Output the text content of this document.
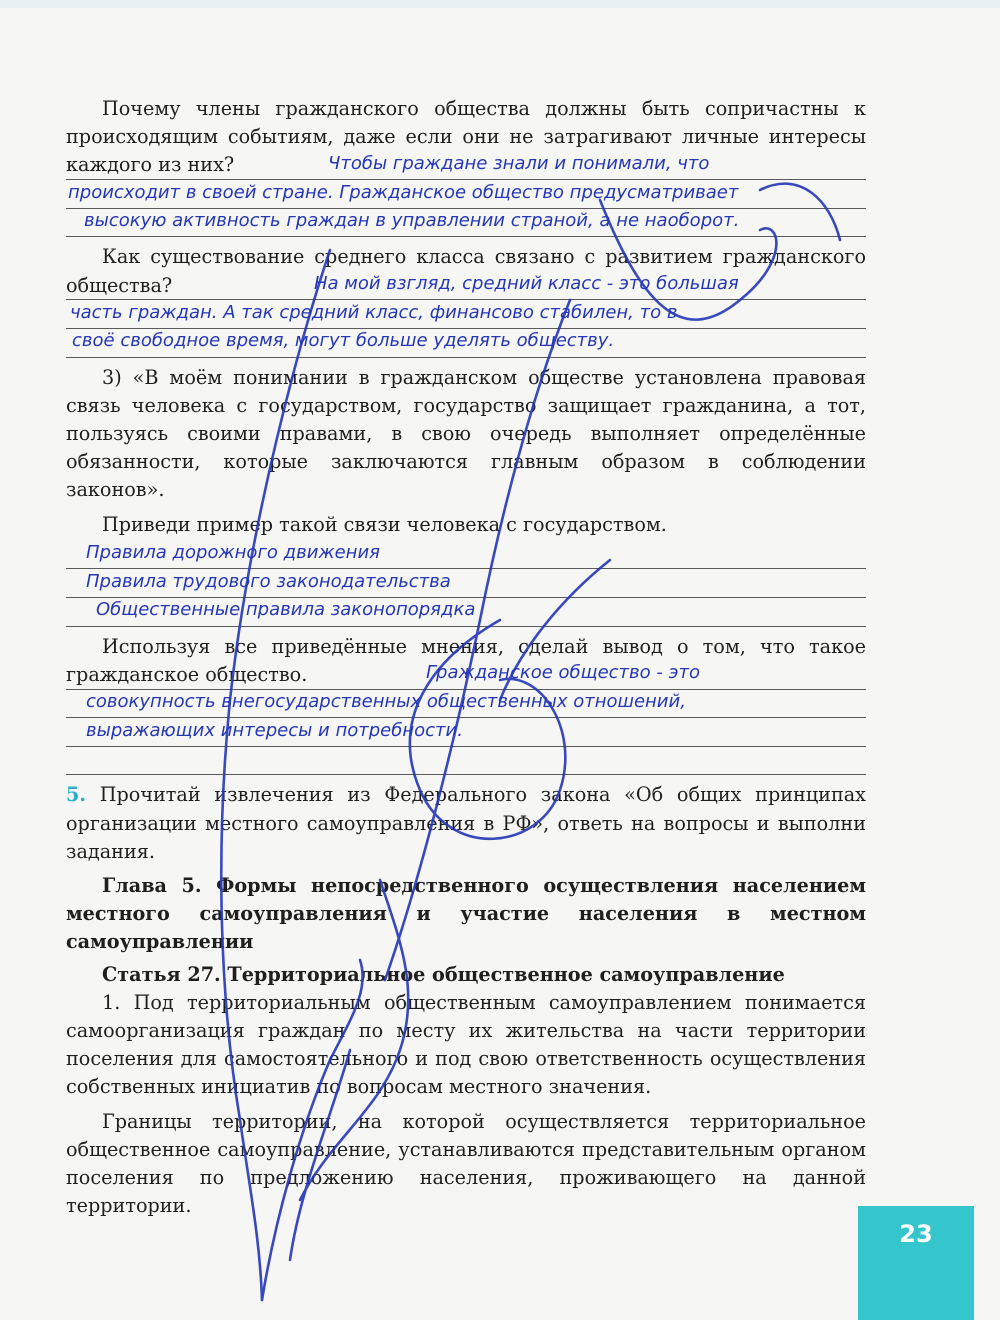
Почему члены гражданского общества должны быть сопричастны к происходящим событиям, даже если они не затрагивают личные интересы каждого из них?	Чтобы граждане знали и понимали, что
происходит в своей стране. Гражданское общество предусматривает
высокую активность граждан в управлении страной, а не наоборот.

Как существование среднего класса связано с развитием гражданского общества?	На мой взгляд, средний класс - это большая
часть граждан. А так средний класс, финансово стабилен, то в
своё свободное время, могут больше уделять обществу.

3) «В моём понимании в гражданском обществе установлена правовая связь человека с государством, государство защищает гражданина, а тот, пользуясь своими правами, в свою очередь выполняет определённые обязанности, которые заключаются главным образом в соблюдении законов».

Приведи пример такой связи человека с государством.

Правила дорожного движения
Правила трудового законодательства
Общественные правила законопорядка

Используя все приведённые мнения, сделай вывод о том, что такое гражданское общество.	Гражданское общество - это
совокупность внегосударственных общественных отношений,
выражающих интересы и потребности.

5. Прочитай извлечения из Федерального закона «Об общих принципах организации местного самоуправления в РФ», ответь на вопросы и выполни задания.

Глава 5. Формы непосредственного осуществления населением местного самоуправления и участие населения в местном самоуправлении

Статья 27. Территориальное общественное самоуправление

1. Под территориальным общественным самоуправлением понимается самоорганизация граждан по месту их жительства на части территории поселения для самостоятельного и под свою ответственность осуществления собственных инициатив по вопросам местного значения.

Границы территории, на которой осуществляется территориальное общественное самоуправление, устанавливаются представительным органом поселения по предложению населения, проживающего на данной территории.

23
